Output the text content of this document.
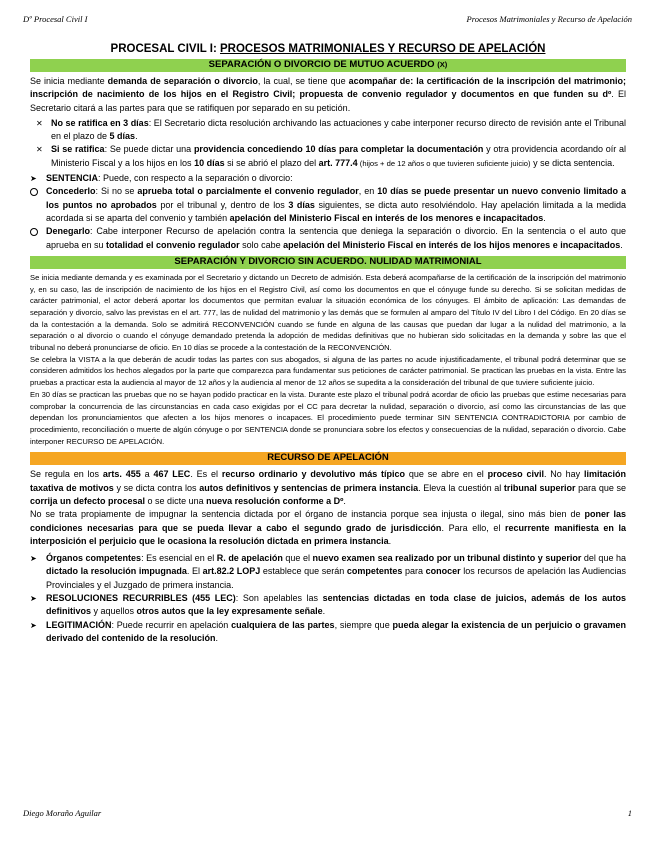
Dº Procesal Civil I	Procesos Matrimoniales y Recurso de Apelación
PROCESAL CIVIL I: PROCESOS MATRIMONIALES Y RECURSO DE APELACIÓN
SEPARACIÓN O DIVORCIO DE MUTUO ACUERDO (X)

Se inicia mediante demanda de separación o divorcio, la cual, se tiene que acompañar de: la certificación de la inscripción del matrimonio; inscripción de nacimiento de los hijos en el Registro Civil; propuesta de convenio regulador y documentos en que funden su dº. El Secretario citará a las partes para que se ratifiquen por separado en su petición.

✕ No se ratifica en 3 días: El Secretario dicta resolución archivando las actuaciones y cabe interponer recurso directo de revisión ante el Tribunal en el plazo de 5 días.
✕ Si se ratifica: Se puede dictar una providencia concediendo 10 días para completar la documentación y otra providencia acordando oír al Ministerio Fiscal y a los hijos en los 10 días si se abrió el plazo del art. 777.4 (hijos + de 12 años o que tuvieren suficiente juicio) y se dicta sentencia.
➤ SENTENCIA: Puede, con respecto a la separación o divorcio:
Concederlo: Si no se aprueba total o parcialmente el convenio regulador, en 10 días se puede presentar un nuevo convenio limitado a los puntos no aprobados por el tribunal y, dentro de los 3 días siguientes, se dicta auto resolviéndolo. Hay apelación limitada a la medida acordada si se aparta del convenio y también apelación del Ministerio Fiscal en interés de los menores e incapacitados.
Denegarlo: Cabe interponer Recurso de apelación contra la sentencia que deniega la separación o divorcio. En la sentencia o el auto que aprueba en su totalidad el convenio regulador solo cabe apelación del Ministerio Fiscal en interés de los hijos menores e incapacitados.
SEPARACIÓN Y DIVORCIO SIN ACUERDO. NULIDAD MATRIMONIAL

Se inicia mediante demanda y es examinada por el Secretario y dictando un Decreto de admisión. Esta deberá acompañarse de la certificación de la inscripción del matrimonio y, en su caso, las de inscripción de nacimiento de los hijos en el Registro Civil, así como los documentos en que el cónyuge funde su derecho. Si se solicitan medidas de carácter patrimonial, el actor deberá aportar los documentos que permitan evaluar la situación económica de los cónyuges. El ámbito de aplicación: Las demandas de separación y divorcio, salvo las previstas en el art. 777, las de nulidad del matrimonio y las demás que se formulen al amparo del Título IV del Libro I del Código. En 20 días se da la contestación a la demanda. Solo se admitirá RECONVENCIÓN cuando se funde en alguna de las causas que puedan dar lugar a la nulidad del matrimonio, a la separación o al divorcio o cuando el cónyuge demandado pretenda la adopción de medidas definitivas que no hubieran sido solicitadas en la demanda y sobre las que el tribunal no deberá pronunciarse de oficio. En 10 días se procede a la contestación de la RECONVENCIÓN.

Se celebra la VISTA a la que deberán de acudir todas las partes con sus abogados, si alguna de las partes no acude injustificadamente, el tribunal podrá determinar que se consideren admitidos los hechos alegados por la parte que comparezca para fundamentar sus peticiones de carácter patrimonial. Se practican las pruebas en la vista. Entre las pruebas a practicar esta la audiencia al mayor de 12 años y la audiencia al menor de 12 años se supedita a la consideración del tribunal de que tuviere suficiente juicio.

En 30 días se practican las pruebas que no se hayan podido practicar en la vista. Durante este plazo el tribunal podrá acordar de oficio las pruebas que estime necesarias para comprobar la concurrencia de las circunstancias en cada caso exigidas por el CC para decretar la nulidad, separación o divorcio, así como las circunstancias de las que dependan los pronunciamientos que afecten a los hijos menores o incapaces. El procedimiento puede terminar SIN SENTENCIA CONTRADICTORIA por cambio de procedimiento, reconciliación o muerte de algún cónyuge o por SENTENCIA donde se pronunciara sobre los efectos y consecuencias de la nulidad, separación o divorcio. Cabe interponer RECURSO DE APELACIÓN.

RECURSO DE APELACIÓN

Se regula en los arts. 455 a 467 LEC. Es el recurso ordinario y devolutivo más típico que se abre en el proceso civil. No hay limitación taxativa de motivos y se dicta contra los autos definitivos y sentencias de primera instancia. Eleva la cuestión al tribunal superior para que se corrija un defecto procesal o se dicte una nueva resolución conforme a Dº.

No se trata propiamente de impugnar la sentencia dictada por el órgano de instancia porque sea injusta o ilegal, sino más bien de poner las condiciones necesarias para que se pueda llevar a cabo el segundo grado de jurisdicción. Para ello, el recurrente manifiesta en la interposición el perjuicio que le ocasiona la resolución dictada en primera instancia.

➤ Órganos competentes: Es esencial en el R. de apelación que el nuevo examen sea realizado por un tribunal distinto y superior del que ha dictado la resolución impugnada. El art.82.2 LOPJ establece que serán competentes para conocer los recursos de apelación las Audiencias Provinciales y el Juzgado de primera instancia.
➤ RESOLUCIONES RECURRIBLES (455 LEC): Son apelables las sentencias dictadas en toda clase de juicios, además de los autos definitivos y aquellos otros autos que la ley expresamente señale.
➤ LEGITIMACIÓN: Puede recurrir en apelación cualquiera de las partes, siempre que pueda alegar la existencia de un perjuicio o gravamen derivado del contenido de la resolución.
Diego Moraño Aguilar	1
